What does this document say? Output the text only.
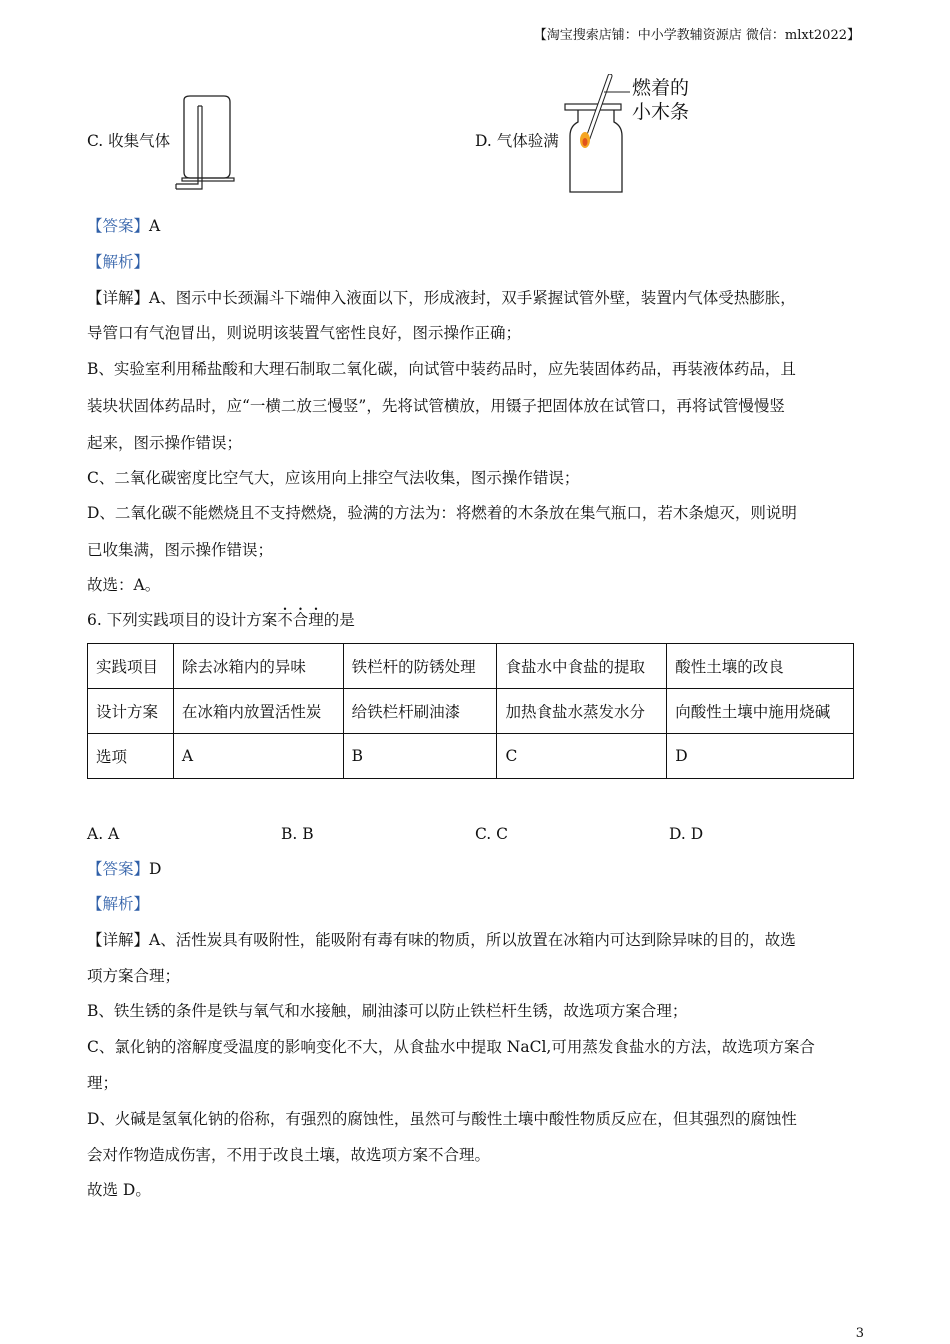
【淘宝搜索店铺：中小学教辅资源店 微信：mlxt2022】
C. 收集气体	D. 气体验满
燃着的
小木条
【答案】A
【解析】
【详解】A、图示中长颈漏斗下端伸入液面以下，形成液封，双手紧握试管外壁，装置内气体受热膨胀，
导管口有气泡冒出，则说明该装置气密性良好，图示操作正确；
B、实验室利用稀盐酸和大理石制取二氧化碳，向试管中装药品时，应先装固体药品，再装液体药品，且
装块状固体药品时，应“一横二放三慢竖”，先将试管横放，用镊子把固体放在试管口，再将试管慢慢竖
起来，图示操作错误；
C、二氧化碳密度比空气大，应该用向上排空气法收集，图示操作错误；
D、二氧化碳不能燃烧且不支持燃烧，验满的方法为：将燃着的木条放在集气瓶口，若木条熄灭，则说明
已收集满，图示操作错误；
故选：A。
6. 下列实践项目的设计方案不合理的是
实践项目	除去冰箱内的异味	铁栏杆的防锈处理	食盐水中食盐的提取	酸性土壤的改良
设计方案	在冰箱内放置活性炭	给铁栏杆刷油漆	加热食盐水蒸发水分	向酸性土壤中施用烧碱
选项	A	B	C	D
A. A	B. B	C. C	D. D
【答案】D
【解析】
【详解】A、活性炭具有吸附性，能吸附有毒有味的物质，所以放置在冰箱内可达到除异味的目的，故选
项方案合理；
B、铁生锈的条件是铁与氧气和水接触，刷油漆可以防止铁栏杆生锈，故选项方案合理；
C、氯化钠的溶解度受温度的影响变化不大，从食盐水中提取 NaCl,可用蒸发食盐水的方法，故选项方案合
理；
D、火碱是氢氧化钠的俗称，有强烈的腐蚀性，虽然可与酸性土壤中酸性物质反应在，但其强烈的腐蚀性
会对作物造成伤害，不用于改良土壤，故选项方案不合理。
故选 D。
3
